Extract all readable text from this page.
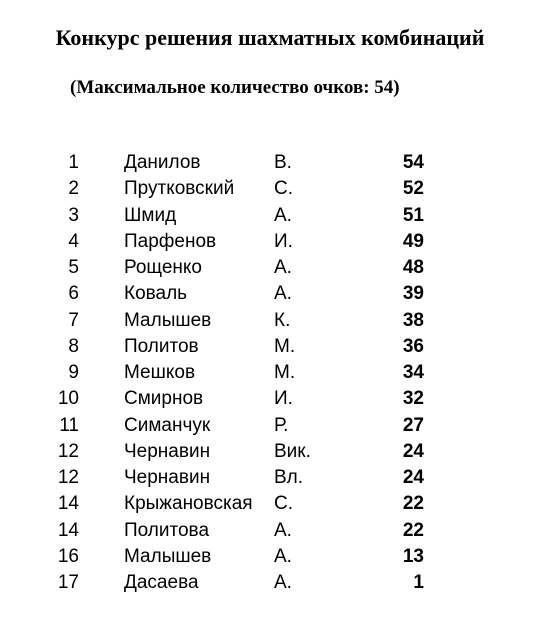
Конкурс решения шахматных комбинаций
(Максимальное количество очков: 54)
1 Данилов	В.	54
2 Прутковский С.	52
3 Шмид	А.	51
4 Парфенов	И.	49
5 Рощенко	А.	48
6 Коваль	А.	39
7 Малышев	К.	38
8 Политов	М.	36
9 Мешков	М.	34
10 Смирнов	И.	32
11 Симанчук	Р.	27
12 Чернавин	Вик.	24
12 Чернавин	Вл.	24
14 Крыжановская С.	22
14 Политова	А.	22
16 Малышев	А.	13
17 Дасаева	А.	1
